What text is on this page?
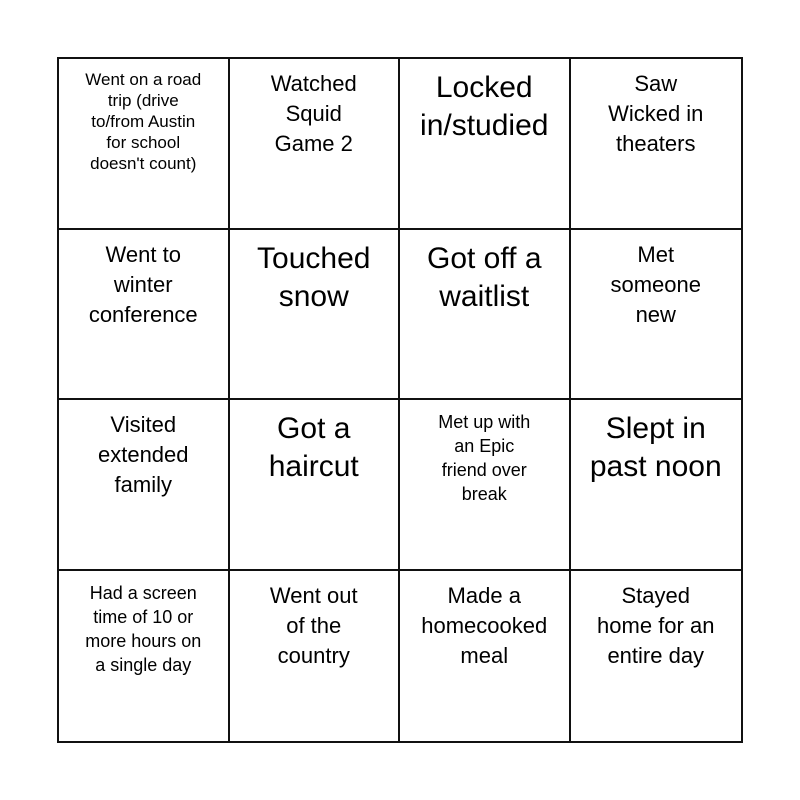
Went on a road
trip (drive
to/from Austin
for school
doesn't count)
Watched
Squid
Game 2
Locked
in/studied
Saw
Wicked in
theaters
Went to
winter
conference
Touched
snow
Got off a
waitlist
Met
someone
new
Visited
extended
family
Got a
haircut
Met up with
an Epic
friend over
break
Slept in
past noon
Had a screen
time of 10 or
more hours on
a single day
Went out
of the
country
Made a
homecooked
meal
Stayed
home for an
entire day
